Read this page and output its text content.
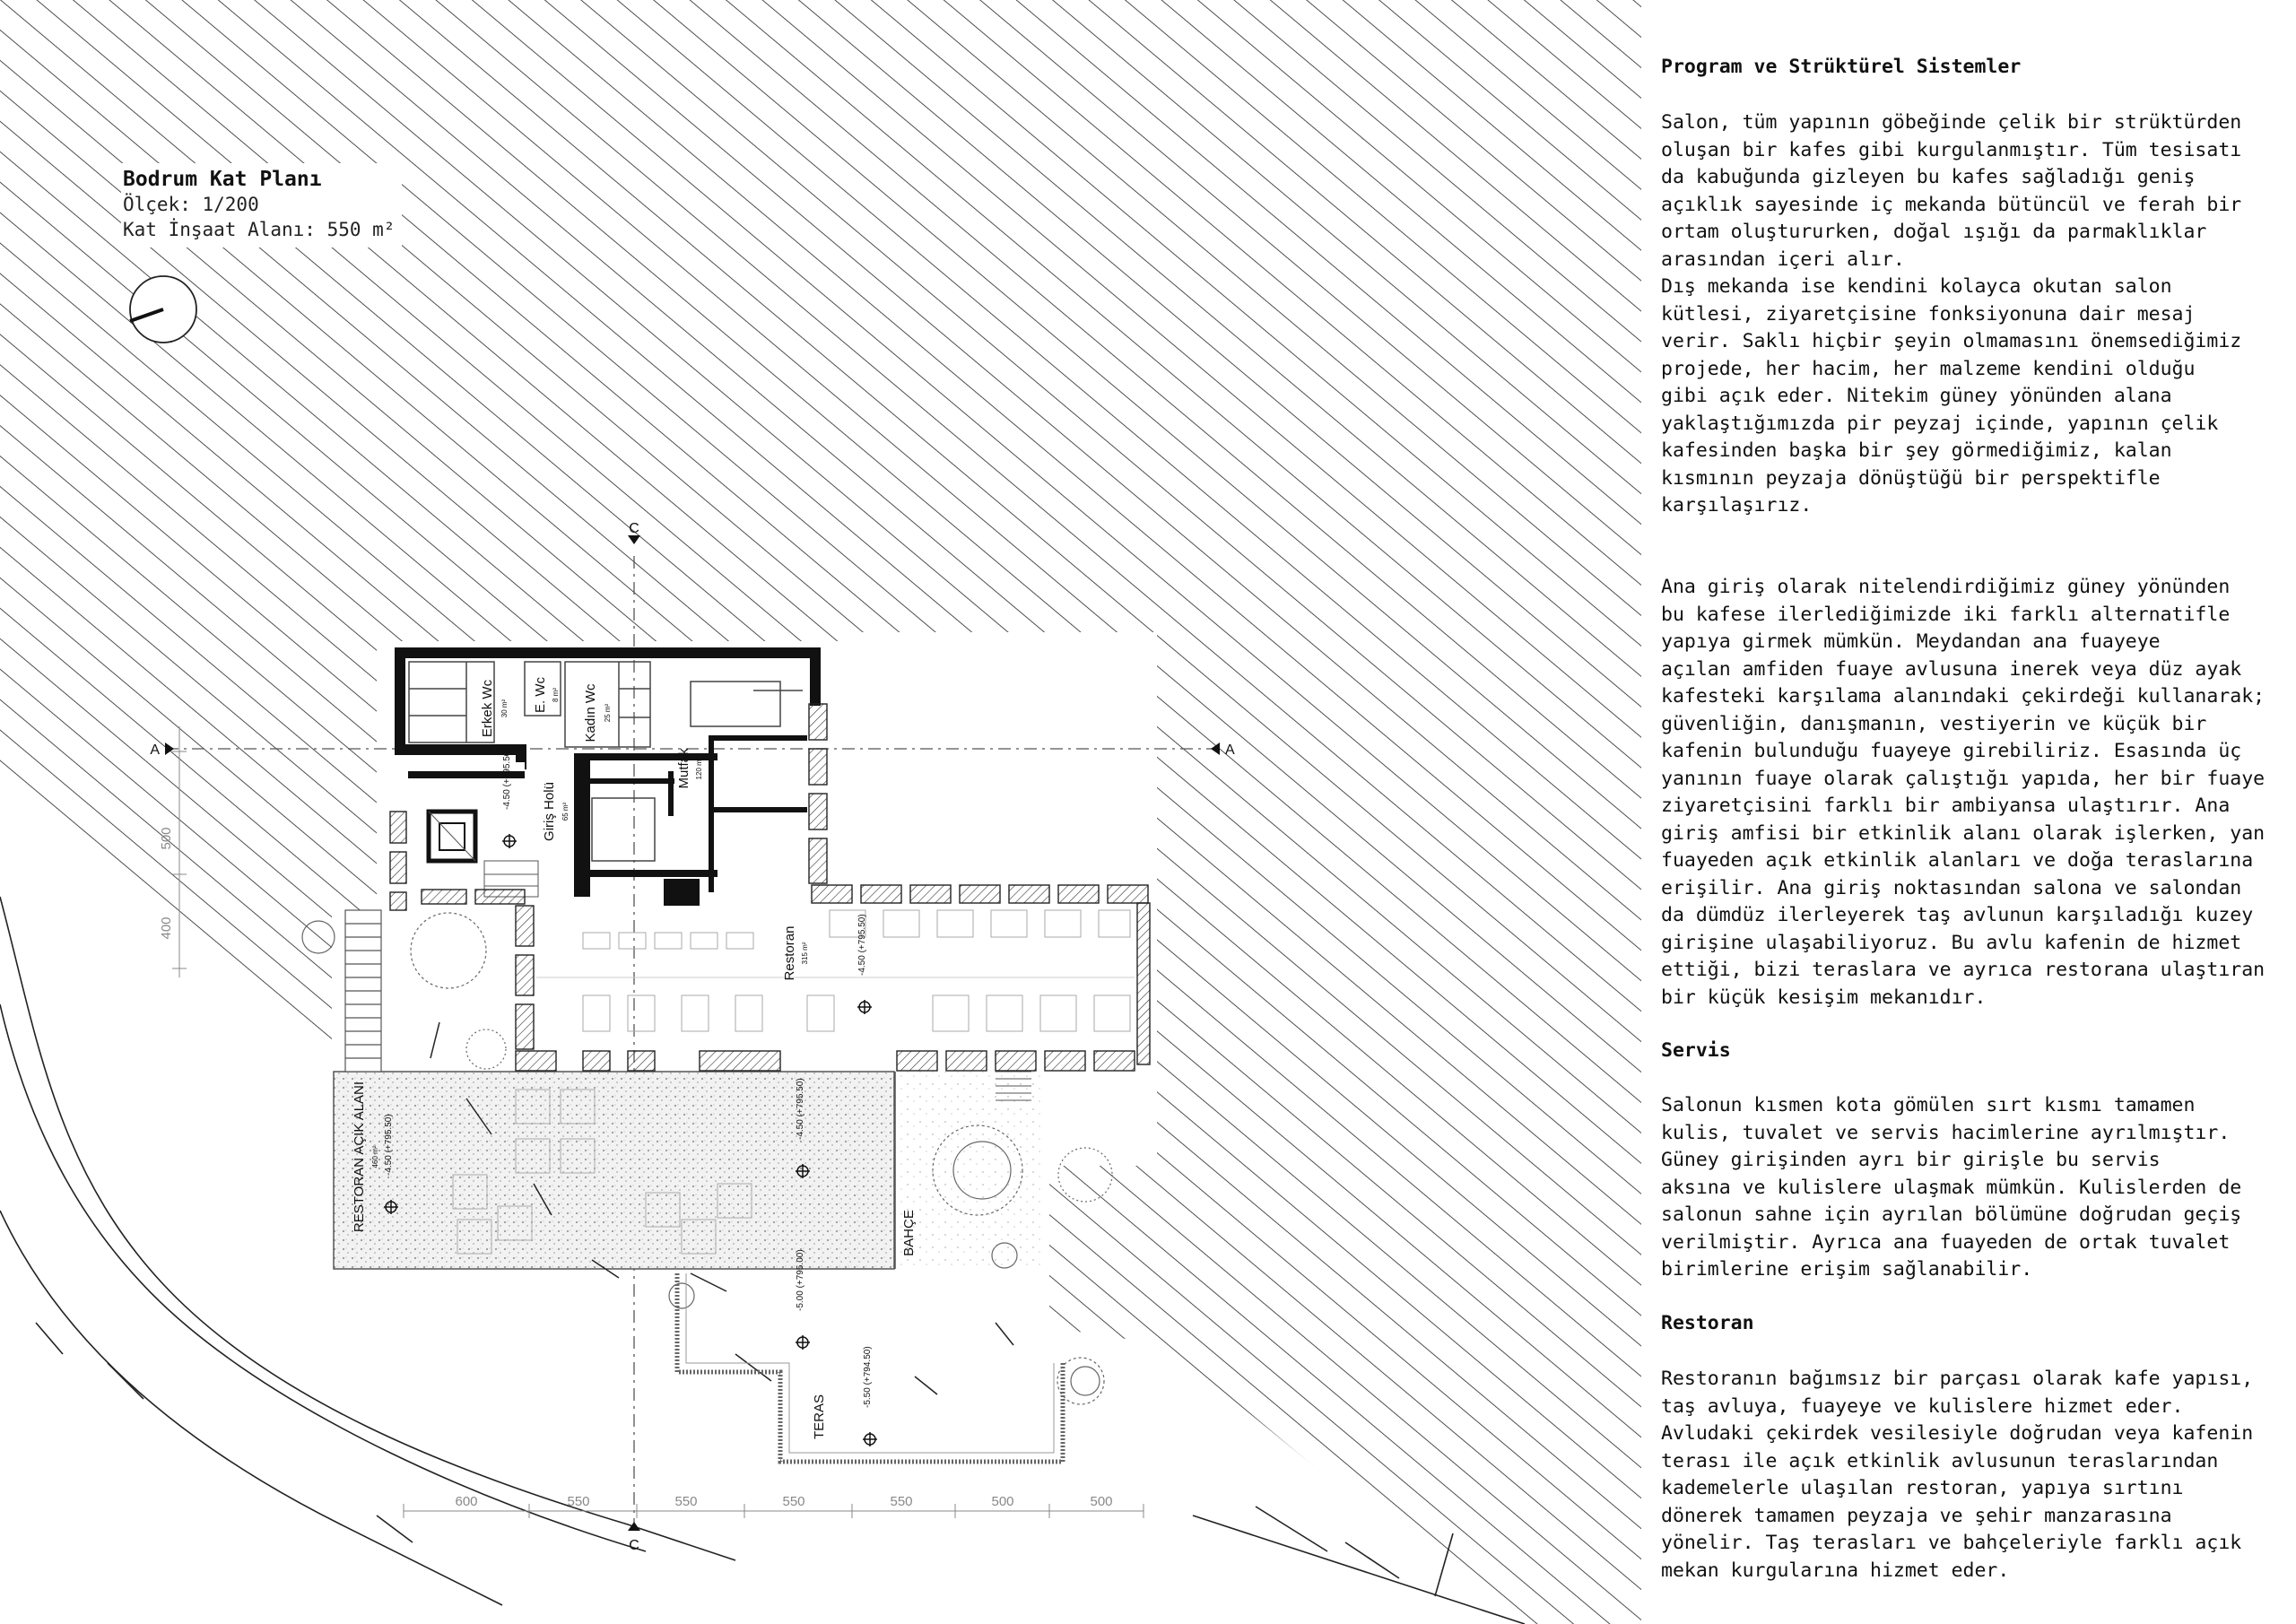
C
C
A	A
500
400
600	550	550	550	550	500	500
Erkek Wc 30 m² E. Wc 8 m² Kadın Wc 25 m²
Mutfak 120 m²
Giriş Holü 65 m²
Restoran 315 m²
RESTORAN AÇIK ALANI 460 m²
BAHÇE
TERAS
-4.50 (+795.50)
-4.50 (+795.50)
-4.50 (+795.50)
-4.50 (+795.50)
-5.00 (+795.00)
-5.50 (+794.50)
Bodrum Kat Planı
Ölçek: 1/200
Kat İnşaat Alanı: 550 m²
Program ve Strüktürel Sistemler
Salon, tüm yapının göbeğinde çelik bir strüktürden
oluşan bir kafes gibi kurgulanmıştır. Tüm tesisatı
da kabuğunda gizleyen bu kafes sağladığı geniş
açıklık sayesinde iç mekanda bütüncül ve ferah bir
ortam oluştururken, doğal ışığı da parmaklıklar
arasından içeri alır.
Dış mekanda ise kendini kolayca okutan salon
kütlesi, ziyaretçisine fonksiyonuna dair mesaj
verir. Saklı hiçbir şeyin olmamasını önemsediğimiz
projede, her hacim, her malzeme kendini olduğu
gibi açık eder. Nitekim güney yönünden alana
yaklaştığımızda pir peyzaj içinde, yapının çelik
kafesinden başka bir şey görmediğimiz, kalan
kısmının peyzaja dönüştüğü bir perspektifle
karşılaşırız.
Ana giriş olarak nitelendirdiğimiz güney yönünden
bu kafese ilerlediğimizde iki farklı alternatifle
yapıya girmek mümkün. Meydandan ana fuayeye
açılan amfiden fuaye avlusuna inerek veya düz ayak
kafesteki karşılama alanındaki çekirdeği kullanarak;
güvenliğin, danışmanın, vestiyerin ve küçük bir
kafenin bulunduğu fuayeye girebiliriz. Esasında üç
yanının fuaye olarak çalıştığı yapıda, her bir fuaye
ziyaretçisini farklı bir ambiyansa ulaştırır. Ana
giriş amfisi bir etkinlik alanı olarak işlerken, yan
fuayeden açık etkinlik alanları ve doğa teraslarına
erişilir. Ana giriş noktasından salona ve salondan
da dümdüz ilerleyerek taş avlunun karşıladığı kuzey
girişine ulaşabiliyoruz. Bu avlu kafenin de hizmet
ettiği, bizi teraslara ve ayrıca restorana ulaştıran
bir küçük kesişim mekanıdır.
Servis
Salonun kısmen kota gömülen sırt kısmı tamamen
kulis, tuvalet ve servis hacimlerine ayrılmıştır.
Güney girişinden ayrı bir girişle bu servis
aksına ve kulislere ulaşmak mümkün. Kulislerden de
salonun sahne için ayrılan bölümüne doğrudan geçiş
verilmiştir. Ayrıca ana fuayeden de ortak tuvalet
birimlerine erişim sağlanabilir.
Restoran
Restoranın bağımsız bir parçası olarak kafe yapısı,
taş avluya, fuayeye ve kulislere hizmet eder.
Avludaki çekirdek vesilesiyle doğrudan veya kafenin
terası ile açık etkinlik avlusunun teraslarından
kademelerle ulaşılan restoran, yapıya sırtını
dönerek tamamen peyzaja ve şehir manzarasına
yönelir. Taş terasları ve bahçeleriyle farklı açık
mekan kurgularına hizmet eder.
